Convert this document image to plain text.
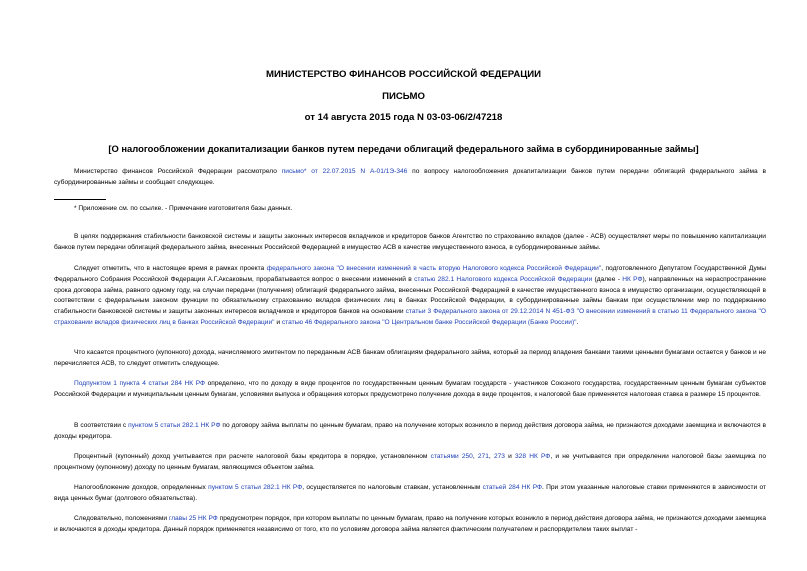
МИНИСТЕРСТВО ФИНАНСОВ РОССИЙСКОЙ ФЕДЕРАЦИИ
ПИСЬМО
от 14 августа 2015 года N 03-03-06/2/47218
[О налогообложении докапитализации банков путем передачи облигаций федерального займа в субординированные займы]
Министерство финансов Российской Федерации рассмотрело письмо* от 22.07.2015 N А-01/1Э-346 по вопросу налогообложения докапитализации банков путем передачи облигаций федерального займа в субординированные займы и сообщает следующее.
* Приложение см. по ссылке. - Примечание изготовителя базы данных.
В целях поддержания стабильности банковской системы и защиты законных интересов вкладчиков и кредиторов банков Агентство по страхованию вкладов (далее - АСВ) осуществляет меры по повышению капитализации банков путем передачи облигаций федерального займа, внесенных Российской Федерацией в имущество АСВ в качестве имущественного взноса, в субординированные займы.
Следует отметить, что в настоящее время в рамках проекта федерального закона "О внесении изменений в часть вторую Налогового кодекса Российской Федерации", подготовленного Депутатом Государственной Думы Федерального Собрания Российской Федерации А.Г.Аксаковым, прорабатывается вопрос о внесении изменений в статью 282.1 Налогового кодекса Российской Федерации (далее - НК РФ), направленных на нераспространение срока договора займа, равного одному году, на случаи передачи (получения) облигаций федерального займа, внесенных Российской Федерацией в качестве имущественного взноса в имущество организации, осуществляющей в соответствии с федеральным законом функции по обязательному страхованию вкладов физических лиц в банках Российской Федерации, в субординированные займы банкам при осуществлении мер по поддержанию стабильности банковской системы и защиты законных интересов вкладчиков и кредиторов банков на основании статьи 3 Федерального закона от 29.12.2014 N 451-ФЗ "О внесении изменений в статью 11 Федерального закона "О страховании вкладов физических лиц в банках Российской Федерации" и статью 46 Федерального закона "О Центральном банке Российской Федерации (Банке России)".
Что касается процентного (купонного) дохода, начисляемого эмитентом по переданным АСВ банкам облигациям федерального займа, который за период владения банками такими ценными бумагами остается у банков и не перечисляется АСВ, то следует отметить следующее.
Подпунктом 1 пункта 4 статьи 284 НК РФ определено, что по доходу в виде процентов по государственным ценным бумагам государств - участников Союзного государства, государственным ценным бумагам субъектов Российской Федерации и муниципальным ценным бумагам, условиями выпуска и обращения которых предусмотрено получение дохода в виде процентов, к налоговой базе применяется налоговая ставка в размере 15 процентов.
В соответствии с пунктом 5 статьи 282.1 НК РФ по договору займа выплаты по ценным бумагам, право на получение которых возникло в период действия договора займа, не признаются доходами заемщика и включаются в доходы кредитора.
Процентный (купонный) доход учитывается при расчете налоговой базы кредитора в порядке, установленном статьями 250, 271, 273 и 328 НК РФ, и не учитывается при определении налоговой базы заемщика по процентному (купонному) доходу по ценным бумагам, являющимся объектом займа.
Налогообложение доходов, определенных пунктом 5 статьи 282.1 НК РФ, осуществляется по налоговым ставкам, установленным статьей 284 НК РФ. При этом указанные налоговые ставки применяются в зависимости от вида ценных бумаг (долгового обязательства).
Следовательно, положениями главы 25 НК РФ предусмотрен порядок, при котором выплаты по ценным бумагам, право на получение которых возникло в период действия договора займа, не признаются доходами заемщика и включаются в доходы кредитора. Данный порядок применяется независимо от того, кто по условиям договора займа является фактическим получателем и распорядителем таких выплат -
